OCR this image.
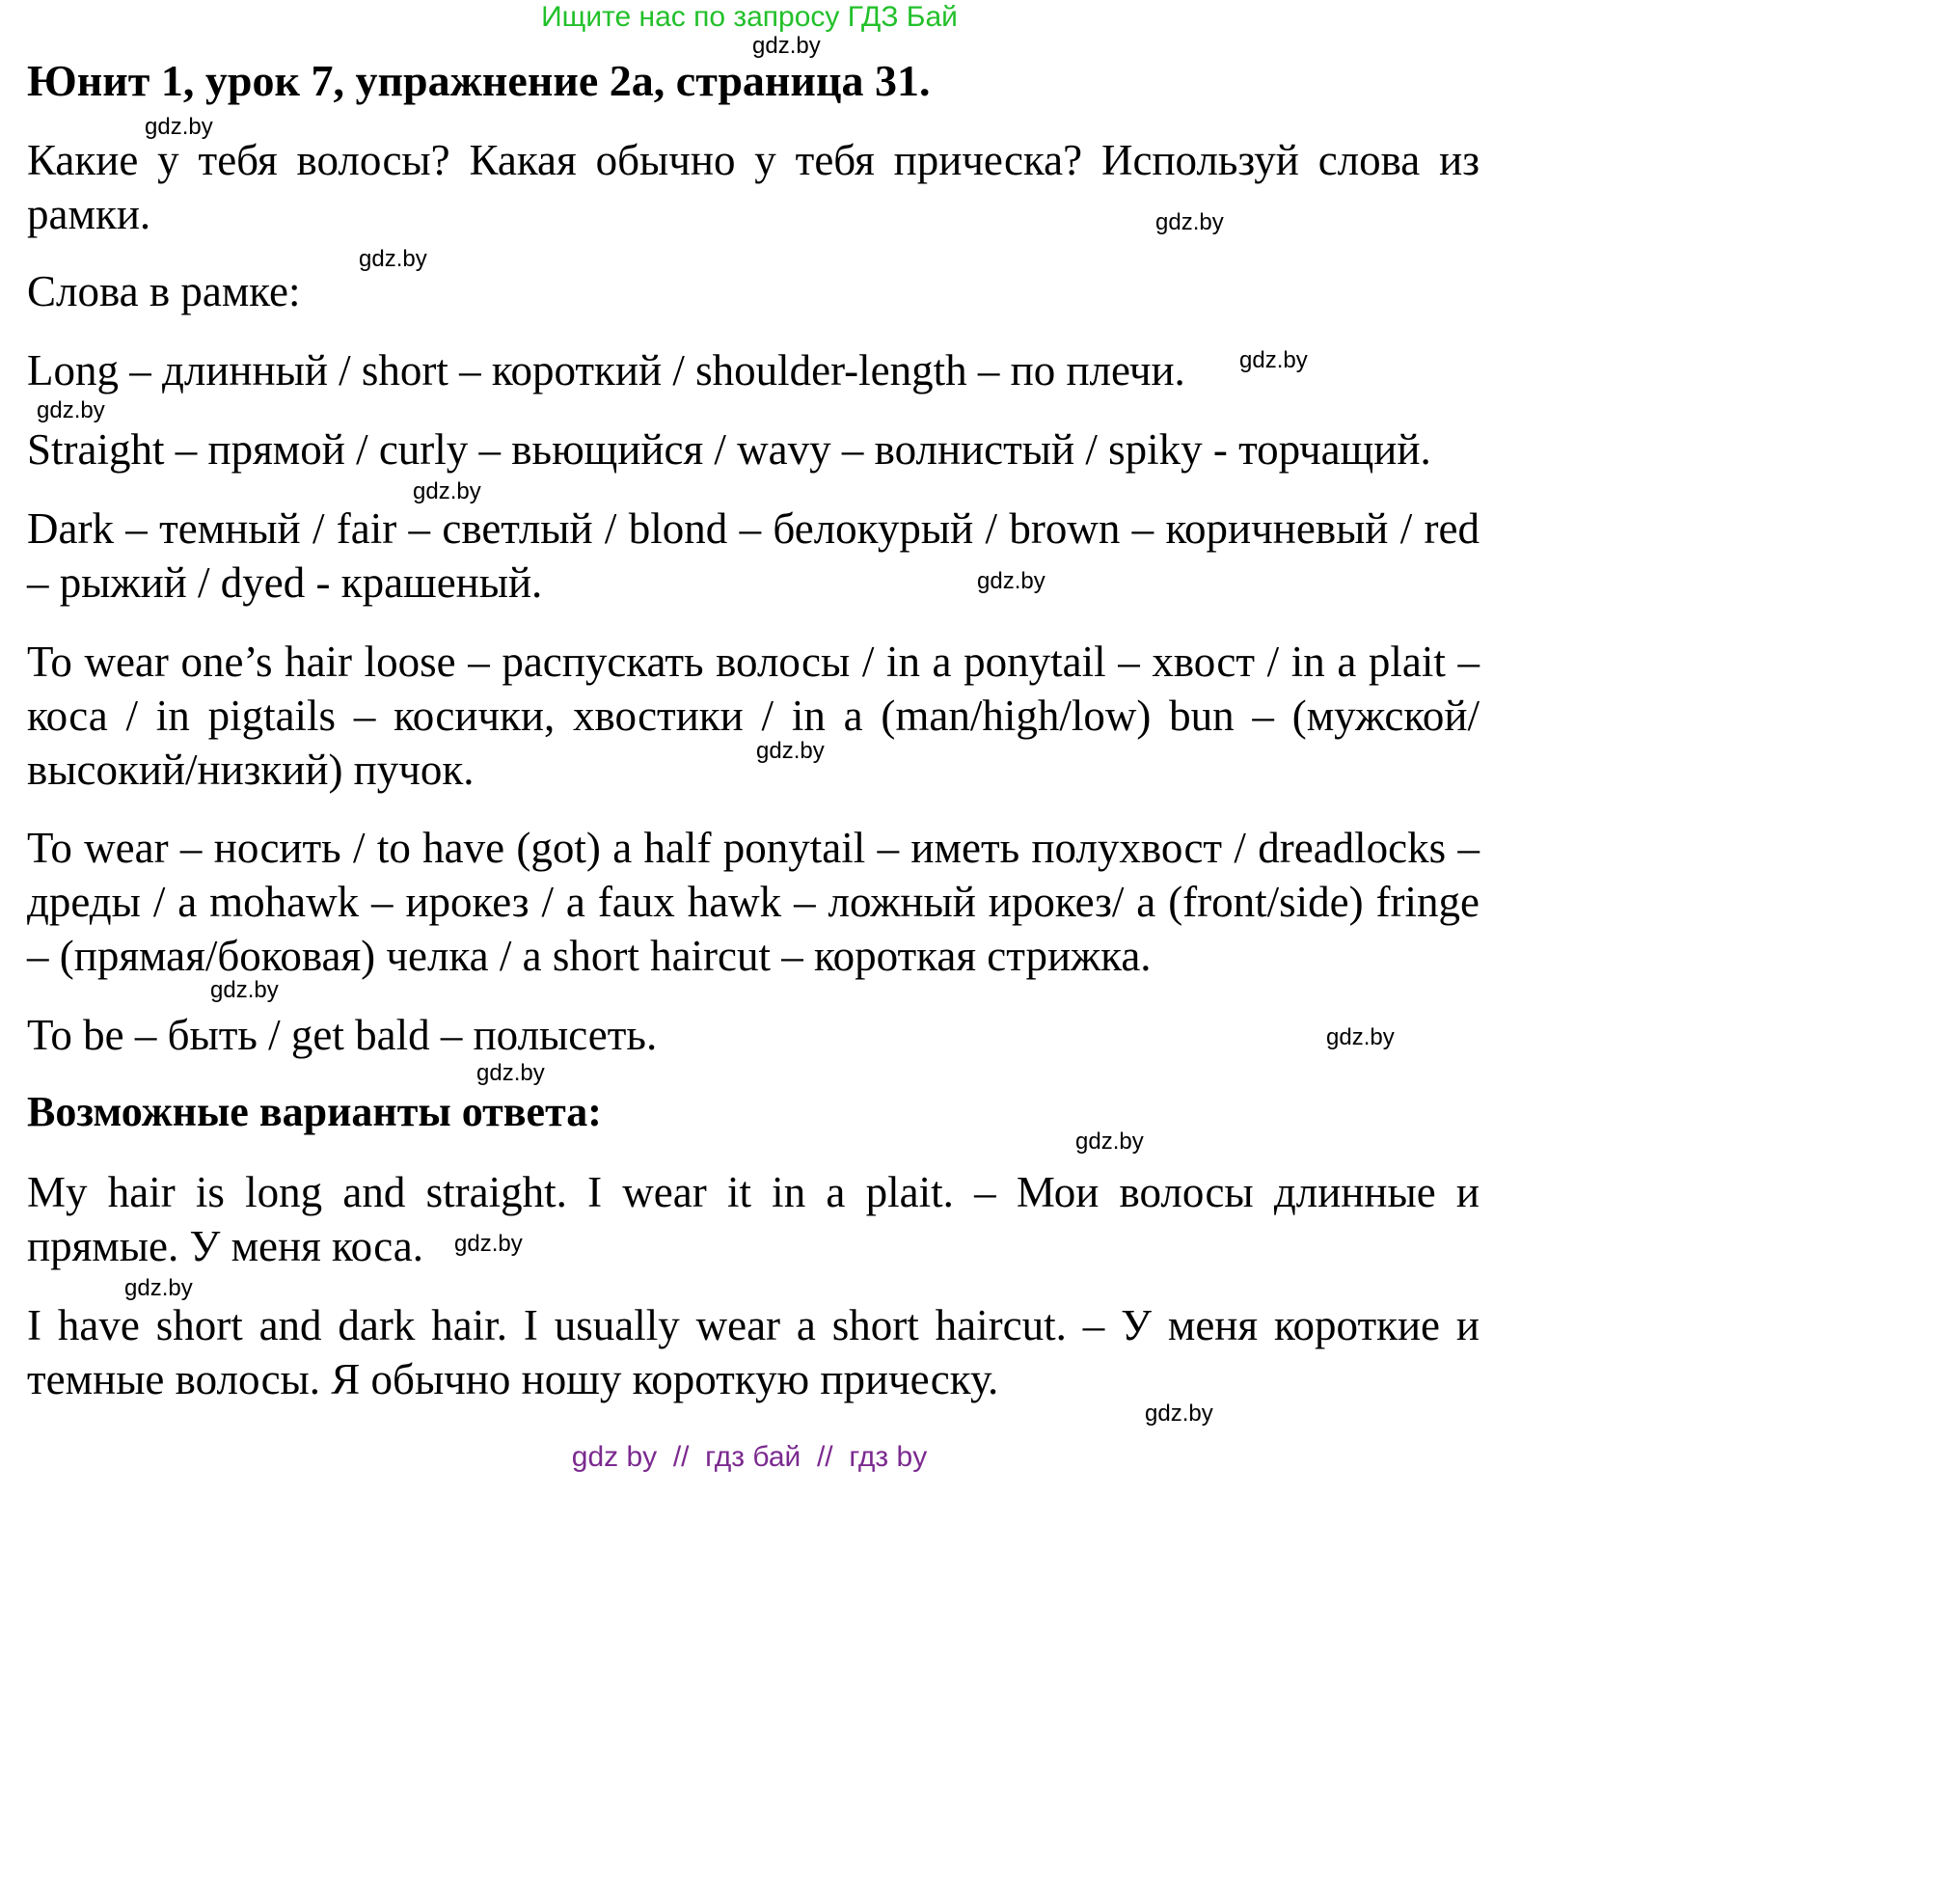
Ищите нас по запросу ГДЗ Бай
Юнит 1, урок 7, упражнение 2а, страница 31.
Какие у тебя волосы? Какая обычно у тебя прическа? Используй слова из рамки.
Слова в рамке:
Long – длинный / short – короткий / shoulder-length – по плечи.
Straight – прямой / curly – вьющийся / wavy – волнистый / spiky - торчащий.
Dark – темный / fair – светлый / blond – белокурый / brown – коричневый / red – рыжий / dyed - крашеный.
To wear one’s hair loose – распускать волосы / in a ponytail – хвост / in a plait – коса / in pigtails – косички, хвостики / in a (man/high/low) bun – (мужской/высокий/низкий) пучок.
To wear – носить / to have (got) a half ponytail – иметь полухвост / dreadlocks – дреды / a mohawk – ирокез / a faux hawk – ложный ирокез/ a (front/side) fringe – (прямая/боковая) челка / a short haircut – короткая стрижка.
To be – быть / get bald – полысеть.
Возможные варианты ответа:
My hair is long and straight. I wear it in a plait. – Мои волосы длинные и прямые. У меня коса.
I have short and dark hair. I usually wear a short haircut. – У меня короткие и темные волосы. Я обычно ношу короткую прическу.
gdz.by
gdz.by
gdz.by
gdz.by
gdz.by
gdz.by
gdz.by
gdz.by
gdz.by
gdz.by
gdz.by
gdz.by
gdz.by
gdz.by
gdz.by
gdz.by
gdz by  //  гдз бай  //  гдз by
